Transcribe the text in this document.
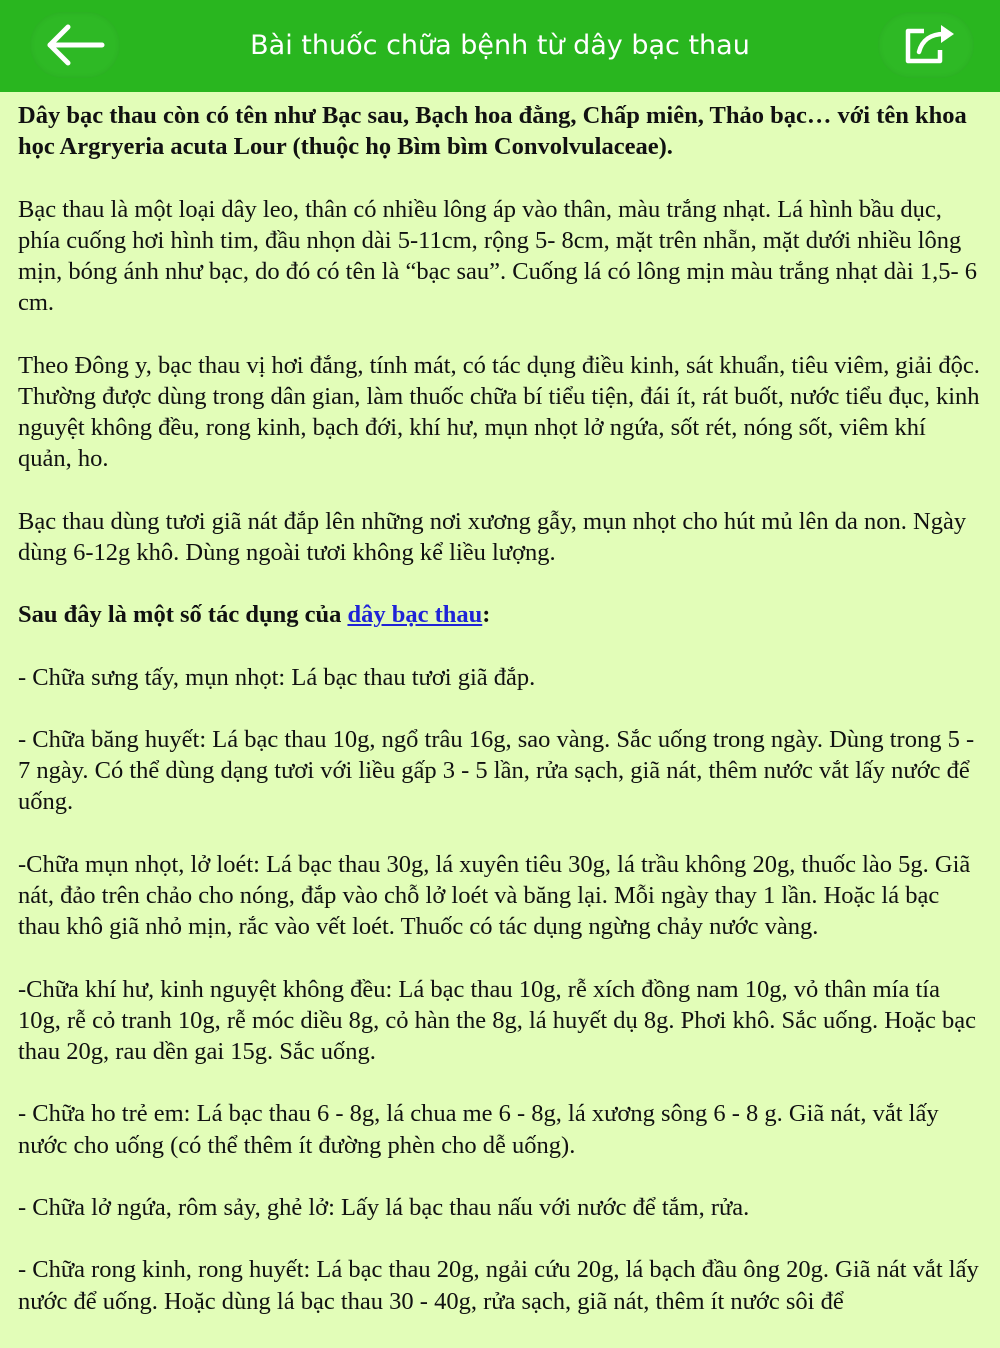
Bài thuốc chữa bệnh từ dây bạc thau

Dây bạc thau còn có tên như Bạc sau, Bạch hoa đằng, Chấp miên, Thảo bạc… với tên khoa học Argryeria acuta Lour (thuộc họ Bìm bìm Convolvulaceae).

Bạc thau là một loại dây leo, thân có nhiều lông áp vào thân, màu trắng nhạt. Lá hình bầu dục, phía cuống hơi hình tim, đầu nhọn dài 5-11cm, rộng 5- 8cm, mặt trên nhẵn, mặt dưới nhiều lông mịn, bóng ánh như bạc, do đó có tên là “bạc sau”. Cuống lá có lông mịn màu trắng nhạt dài 1,5- 6 cm.

Theo Đông y, bạc thau vị hơi đắng, tính mát, có tác dụng điều kinh, sát khuẩn, tiêu viêm, giải độc. Thường được dùng trong dân gian, làm thuốc chữa bí tiểu tiện, đái ít, rát buốt, nước tiểu đục, kinh nguyệt không đều, rong kinh, bạch đới, khí hư, mụn nhọt lở ngứa, sốt rét, nóng sốt, viêm khí quản, ho.

Bạc thau dùng tươi giã nát đắp lên những nơi xương gẫy, mụn nhọt cho hút mủ lên da non. Ngày dùng 6-12g khô. Dùng ngoài tươi không kể liều lượng.

Sau đây là một số tác dụng của dây bạc thau:

- Chữa sưng tấy, mụn nhọt: Lá bạc thau tươi giã đắp.

- Chữa băng huyết: Lá bạc thau 10g, ngổ trâu 16g, sao vàng. Sắc uống trong ngày. Dùng trong 5 - 7 ngày. Có thể dùng dạng tươi với liều gấp 3 - 5 lần, rửa sạch, giã nát, thêm nước vắt lấy nước để uống.

-Chữa mụn nhọt, lở loét: Lá bạc thau 30g, lá xuyên tiêu 30g, lá trầu không 20g, thuốc lào 5g. Giã nát, đảo trên chảo cho nóng, đắp vào chỗ lở loét và băng lại. Mỗi ngày thay 1 lần. Hoặc lá bạc thau khô giã nhỏ mịn, rắc vào vết loét. Thuốc có tác dụng ngừng chảy nước vàng.

-Chữa khí hư, kinh nguyệt không đều: Lá bạc thau 10g, rễ xích đồng nam 10g, vỏ thân mía tía 10g, rễ cỏ tranh 10g, rễ móc diều 8g, cỏ hàn the 8g, lá huyết dụ 8g. Phơi khô. Sắc uống. Hoặc bạc thau 20g, rau dền gai 15g. Sắc uống.

- Chữa ho trẻ em: Lá bạc thau 6 - 8g, lá chua me 6 - 8g, lá xương sông 6 - 8 g. Giã nát, vắt lấy nước cho uống (có thể thêm ít đường phèn cho dễ uống).

- Chữa lở ngứa, rôm sảy, ghẻ lở: Lấy lá bạc thau nấu với nước để tắm, rửa.

- Chữa rong kinh, rong huyết: Lá bạc thau 20g, ngải cứu 20g, lá bạch đầu ông 20g. Giã nát vắt lấy nước để uống. Hoặc dùng lá bạc thau 30 - 40g, rửa sạch, giã nát, thêm ít nước sôi để
